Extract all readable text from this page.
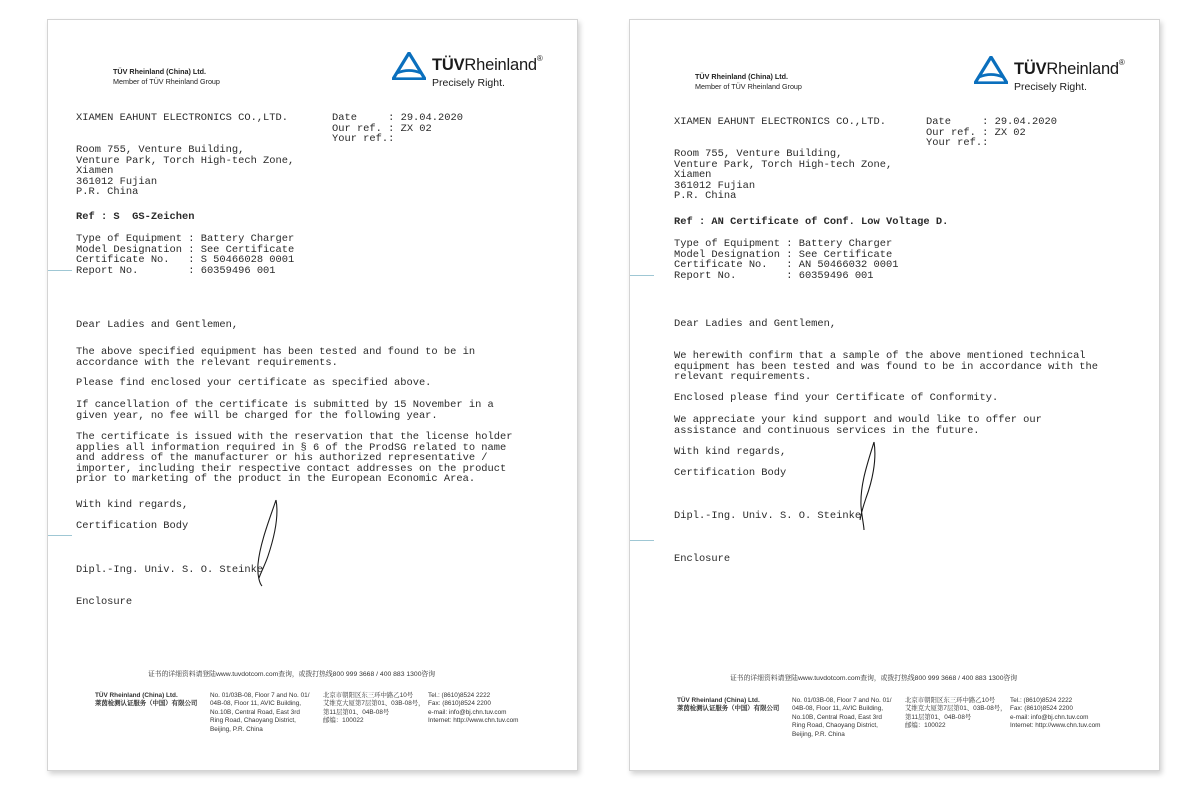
TÜV Rheinland (China) Ltd.
Member of TÜV Rheinland Group
TÜVRheinland®
Precisely Right.
XIAMEN EAHUNT ELECTRONICS CO.,LTD.	Date     : 29.04.2020
Our ref. : ZX 02
Your ref.:
Room 755, Venture Building,
Venture Park, Torch High-tech Zone,
Xiamen
361012 Fujian
P.R. China
Ref : S  GS-Zeichen
Type of Equipment : Battery Charger
Model Designation : See Certificate
Certificate No.   : S 50466028 0001
Report No.        : 60359496 001
Dear Ladies and Gentlemen,
The above specified equipment has been tested and found to be in
accordance with the relevant requirements.
Please find enclosed your certificate as specified above.
If cancellation of the certificate is submitted by 15 November in a
given year, no fee will be charged for the following year.
The certificate is issued with the reservation that the license holder
applies all information required in § 6 of the ProdSG related to name
and address of the manufacturer or his authorized representative /
importer, including their respective contact addresses on the product
prior to marketing of the product in the European Economic Area.
With kind regards,
Certification Body
Dipl.-Ing. Univ. S. O. Steinke
Enclosure
证书的详细资料请登陆www.tuvdotcom.com查询，或拨打热线800 999 3668 / 400 883 1300咨询
TÜV Rheinland (China) Ltd.
莱茵检测认证服务（中国）有限公司
No. 01/03B-08, Floor 7 and No. 01/
04B-08, Floor 11, AVIC Building,
No.10B, Central Road, East 3rd
Ring Road, Chaoyang District,
Beijing, P.R. China
北京市朝阳区东三环中路乙10号
艾维克大厦第7层第01、03B-08号，
第11层第01、04B-08号
邮编：100022
Tel.: (8610)8524 2222
Fax: (8610)8524 2200
e-mail: info@bj.chn.tuv.com
Internet: http://www.chn.tuv.com
TÜV Rheinland (China) Ltd.
Member of TÜV Rheinland Group
TÜVRheinland®
Precisely Right.
XIAMEN EAHUNT ELECTRONICS CO.,LTD.	Date     : 29.04.2020
Our ref. : ZX 02
Your ref.:
Room 755, Venture Building,
Venture Park, Torch High-tech Zone,
Xiamen
361012 Fujian
P.R. China
Ref : AN Certificate of Conf. Low Voltage D.
Type of Equipment : Battery Charger
Model Designation : See Certificate
Certificate No.   : AN 50466032 0001
Report No.        : 60359496 001
Dear Ladies and Gentlemen,
We herewith confirm that a sample of the above mentioned technical
equipment has been tested and was found to be in accordance with the
relevant requirements.
Enclosed please find your Certificate of Conformity.
We appreciate your kind support and would like to offer our
assistance and continuous services in the future.
With kind regards,
Certification Body
Dipl.-Ing. Univ. S. O. Steinke
Enclosure
证书的详细资料请登陆www.tuvdotcom.com查询，或拨打热线800 999 3668 / 400 883 1300咨询
TÜV Rheinland (China) Ltd.
莱茵检测认证服务（中国）有限公司
No. 01/03B-08, Floor 7 and No. 01/
04B-08, Floor 11, AVIC Building,
No.10B, Central Road, East 3rd
Ring Road, Chaoyang District,
Beijing, P.R. China
北京市朝阳区东三环中路乙10号
艾维克大厦第7层第01、03B-08号，
第11层第01、04B-08号
邮编：100022
Tel.: (8610)8524 2222
Fax: (8610)8524 2200
e-mail: info@bj.chn.tuv.com
Internet: http://www.chn.tuv.com
